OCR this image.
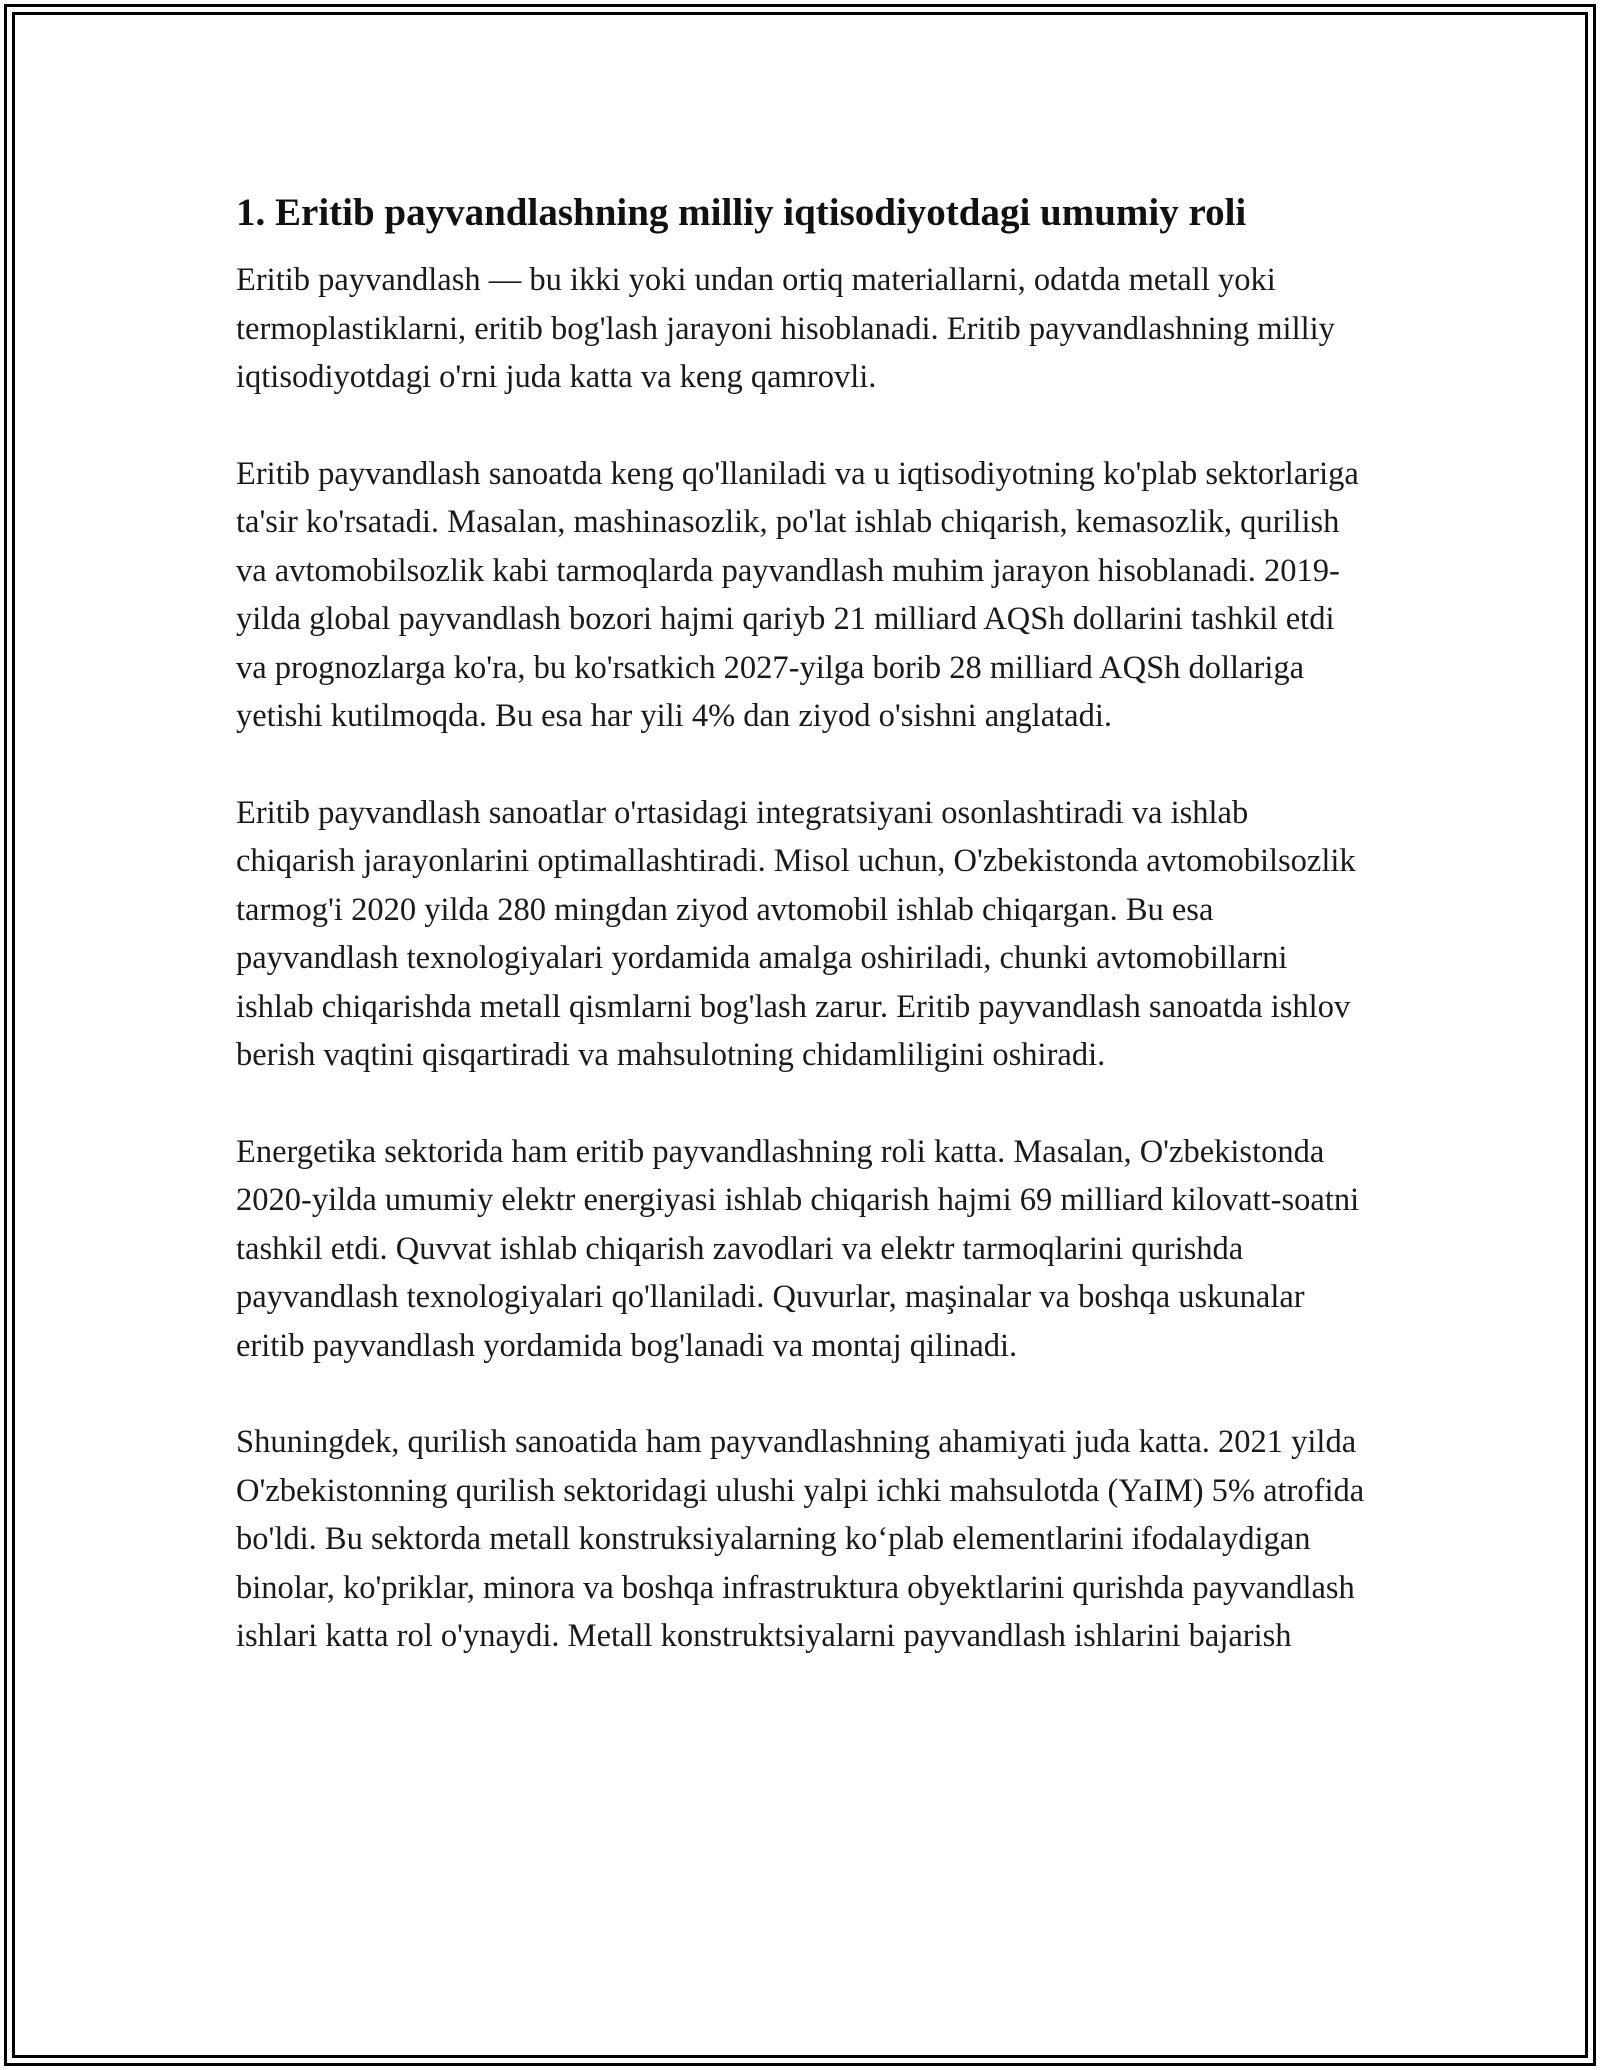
1. Eritib payvandlashning milliy iqtisodiyotdagi umumiy roli

Eritib payvandlash — bu ikki yoki undan ortiq materiallarni, odatda metall yoki termoplastiklarni, eritib bog'lash jarayoni hisoblanadi. Eritib payvandlashning milliy iqtisodiyotdagi o'rni juda katta va keng qamrovli.

Eritib payvandlash sanoatda keng qo'llaniladi va u iqtisodiyotning ko'plab sektorlariga ta'sir ko'rsatadi. Masalan, mashinasozlik, po'lat ishlab chiqarish, kemasozlik, qurilish va avtomobilsozlik kabi tarmoqlarda payvandlash muhim jarayon hisoblanadi. 2019-yilda global payvandlash bozori hajmi qariyb 21 milliard AQSh dollarini tashkil etdi va prognozlarga ko'ra, bu ko'rsatkich 2027-yilga borib 28 milliard AQSh dollariga yetishi kutilmoqda. Bu esa har yili 4% dan ziyod o'sishni anglatadi.

Eritib payvandlash sanoatlar o'rtasidagi integratsiyani osonlashtiradi va ishlab chiqarish jarayonlarini optimallashtiradi. Misol uchun, O'zbekistonda avtomobilsozlik tarmog'i 2020 yilda 280 mingdan ziyod avtomobil ishlab chiqargan. Bu esa payvandlash texnologiyalari yordamida amalga oshiriladi, chunki avtomobillarni ishlab chiqarishda metall qismlarni bog'lash zarur. Eritib payvandlash sanoatda ishlov berish vaqtini qisqartiradi va mahsulotning chidamliligini oshiradi.

Energetika sektorida ham eritib payvandlashning roli katta. Masalan, O'zbekistonda 2020-yilda umumiy elektr energiyasi ishlab chiqarish hajmi 69 milliard kilovatt-soatni tashkil etdi. Quvvat ishlab chiqarish zavodlari va elektr tarmoqlarini qurishda payvandlash texnologiyalari qo'llaniladi. Quvurlar, maşinalar va boshqa uskunalar eritib payvandlash yordamida bog'lanadi va montaj qilinadi.

Shuningdek, qurilish sanoatida ham payvandlashning ahamiyati juda katta. 2021 yilda O'zbekistonning qurilish sektoridagi ulushi yalpi ichki mahsulotda (YaIM) 5% atrofida bo'ldi. Bu sektorda metall konstruksiyalarning ko‘plab elementlarini ifodalaydigan binolar, ko'priklar, minora va boshqa infrastruktura obyektlarini qurishda payvandlash ishlari katta rol o'ynaydi. Metall konstruktsiyalarni payvandlash ishlarini bajarish
